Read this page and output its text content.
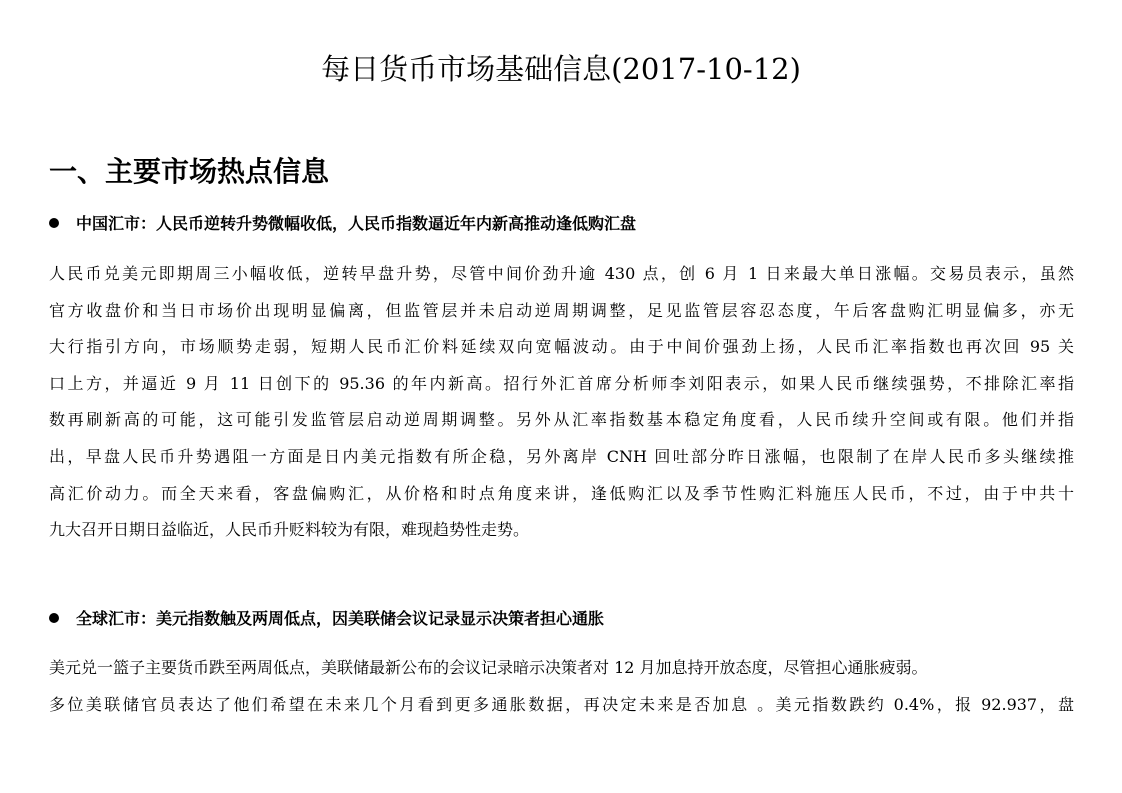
每日货币市场基础信息(2017-10-12)
一、主要市场热点信息
中国汇市：人民币逆转升势微幅收低，人民币指数逼近年内新高推动逢低购汇盘
人民币兑美元即期周三小幅收低，逆转早盘升势，尽管中间价劲升逾 430 点，创 6 月 1 日来最大单日涨幅。交易员表示，虽然
官方收盘价和当日市场价出现明显偏离，但监管层并未启动逆周期调整，足见监管层容忍态度，午后客盘购汇明显偏多，亦无
大行指引方向，市场顺势走弱，短期人民币汇价料延续双向宽幅波动。由于中间价强劲上扬，人民币汇率指数也再次回 95 关
口上方，并逼近 9 月 11 日创下的 95.36 的年内新高。招行外汇首席分析师李刘阳表示，如果人民币继续强势，不排除汇率指
数再刷新高的可能，这可能引发监管层启动逆周期调整。另外从汇率指数基本稳定角度看，人民币续升空间或有限。他们并指
出，早盘人民币升势遇阻一方面是日内美元指数有所企稳，另外离岸 CNH 回吐部分昨日涨幅，也限制了在岸人民币多头继续推
高汇价动力。而全天来看，客盘偏购汇，从价格和时点角度来讲，逢低购汇以及季节性购汇料施压人民币，不过，由于中共十
九大召开日期日益临近，人民币升贬料较为有限，难现趋势性走势。
全球汇市：美元指数触及两周低点，因美联储会议记录显示决策者担心通胀
美元兑一篮子主要货币跌至两周低点，美联储最新公布的会议记录暗示决策者对 12 月加息持开放态度，尽管担心通胀疲弱。
多位美联储官员表达了他们希望在未来几个月看到更多通胀数据，再决定未来是否加息 。美元指数跌约 0.4%，报 92.937，盘
